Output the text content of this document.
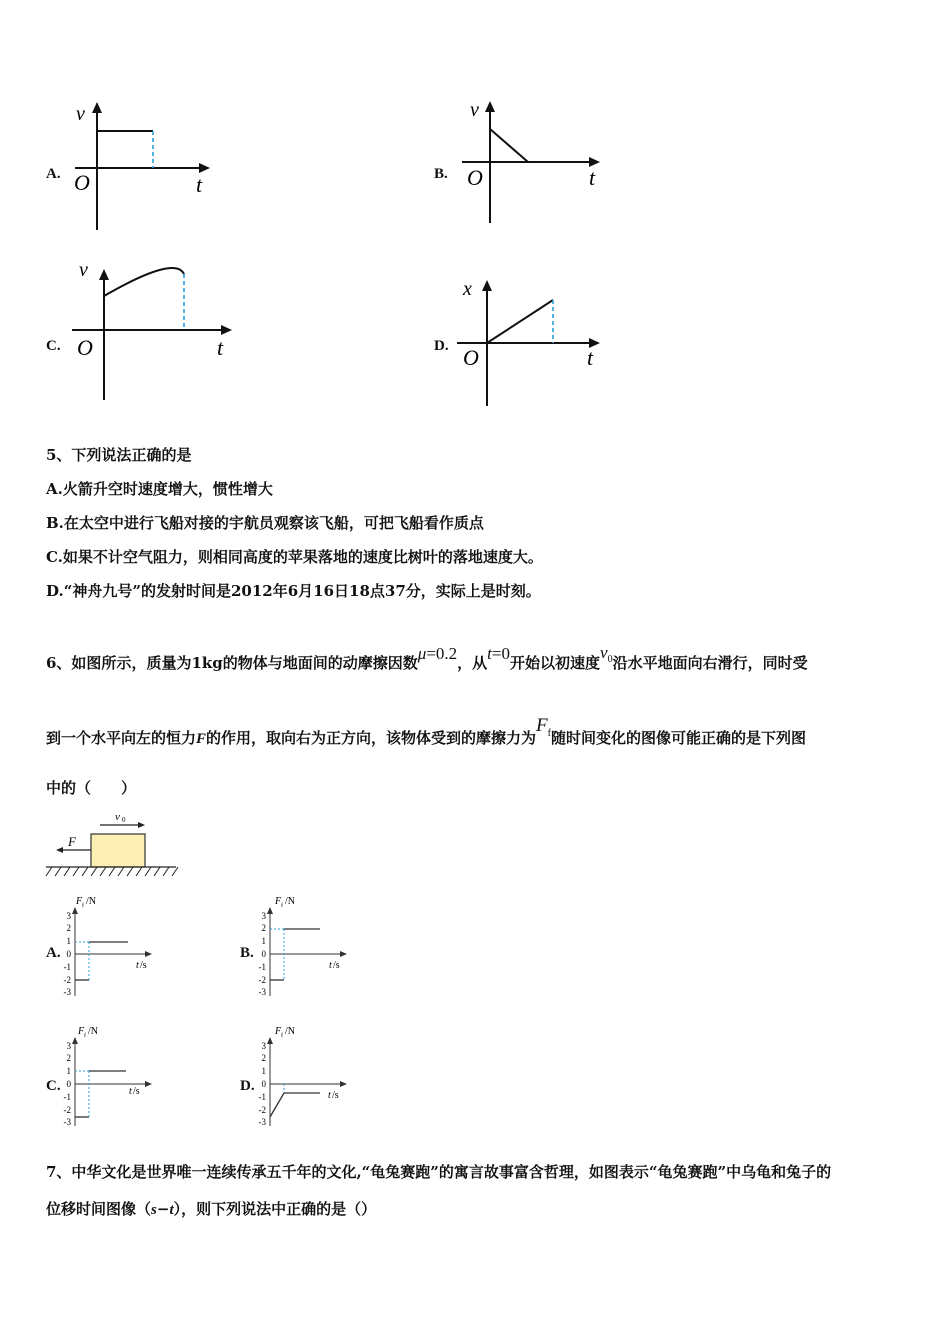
A.
v
O	t	B.
v
O	t
C.
v
O	t	D.
x
O	t
5、下列说法正确的是
A.火箭升空时速度增大，惯性增大
B.在太空中进行飞船对接的宇航员观察该飞船，可把飞船看作质点
C.如果不计空气阻力，则相同高度的苹果落地的速度比树叶的落地速度大。
D.“神舟九号”的发射时间是2012年6月16日18点37分，实际上是时刻。
6、如图所示，质量为1kg的物体与地面间的动摩擦因数μ=0.2，从t=0开始以初速度$v^0$沿水平地面向右滑行，同时受
到一个水平向左的恒力F的作用，取向右为正方向，该物体受到的摩擦力为$F^f$随时间变化的图像可能正确的是下列图
中的（　　）
v 0
F
A.
F f /N
3
2
1
0
-1
-2
-3
t /s
B.
F f /N
3
2
1
0
-1
-2
-3
t /s
C.
F f /N
3
2
1
0
-1
-2
-3
t /s	D.
F f /N
3
2
1
0
-1
-2
-3
t /s
7、中华文化是世界唯一连续传承五千年的文化,“龟兔赛跑”的寓言故事富含哲理，如图表示“龟兔赛跑”中乌龟和兔子的
位移时间图像（s−t），则下列说法中正确的是（）
